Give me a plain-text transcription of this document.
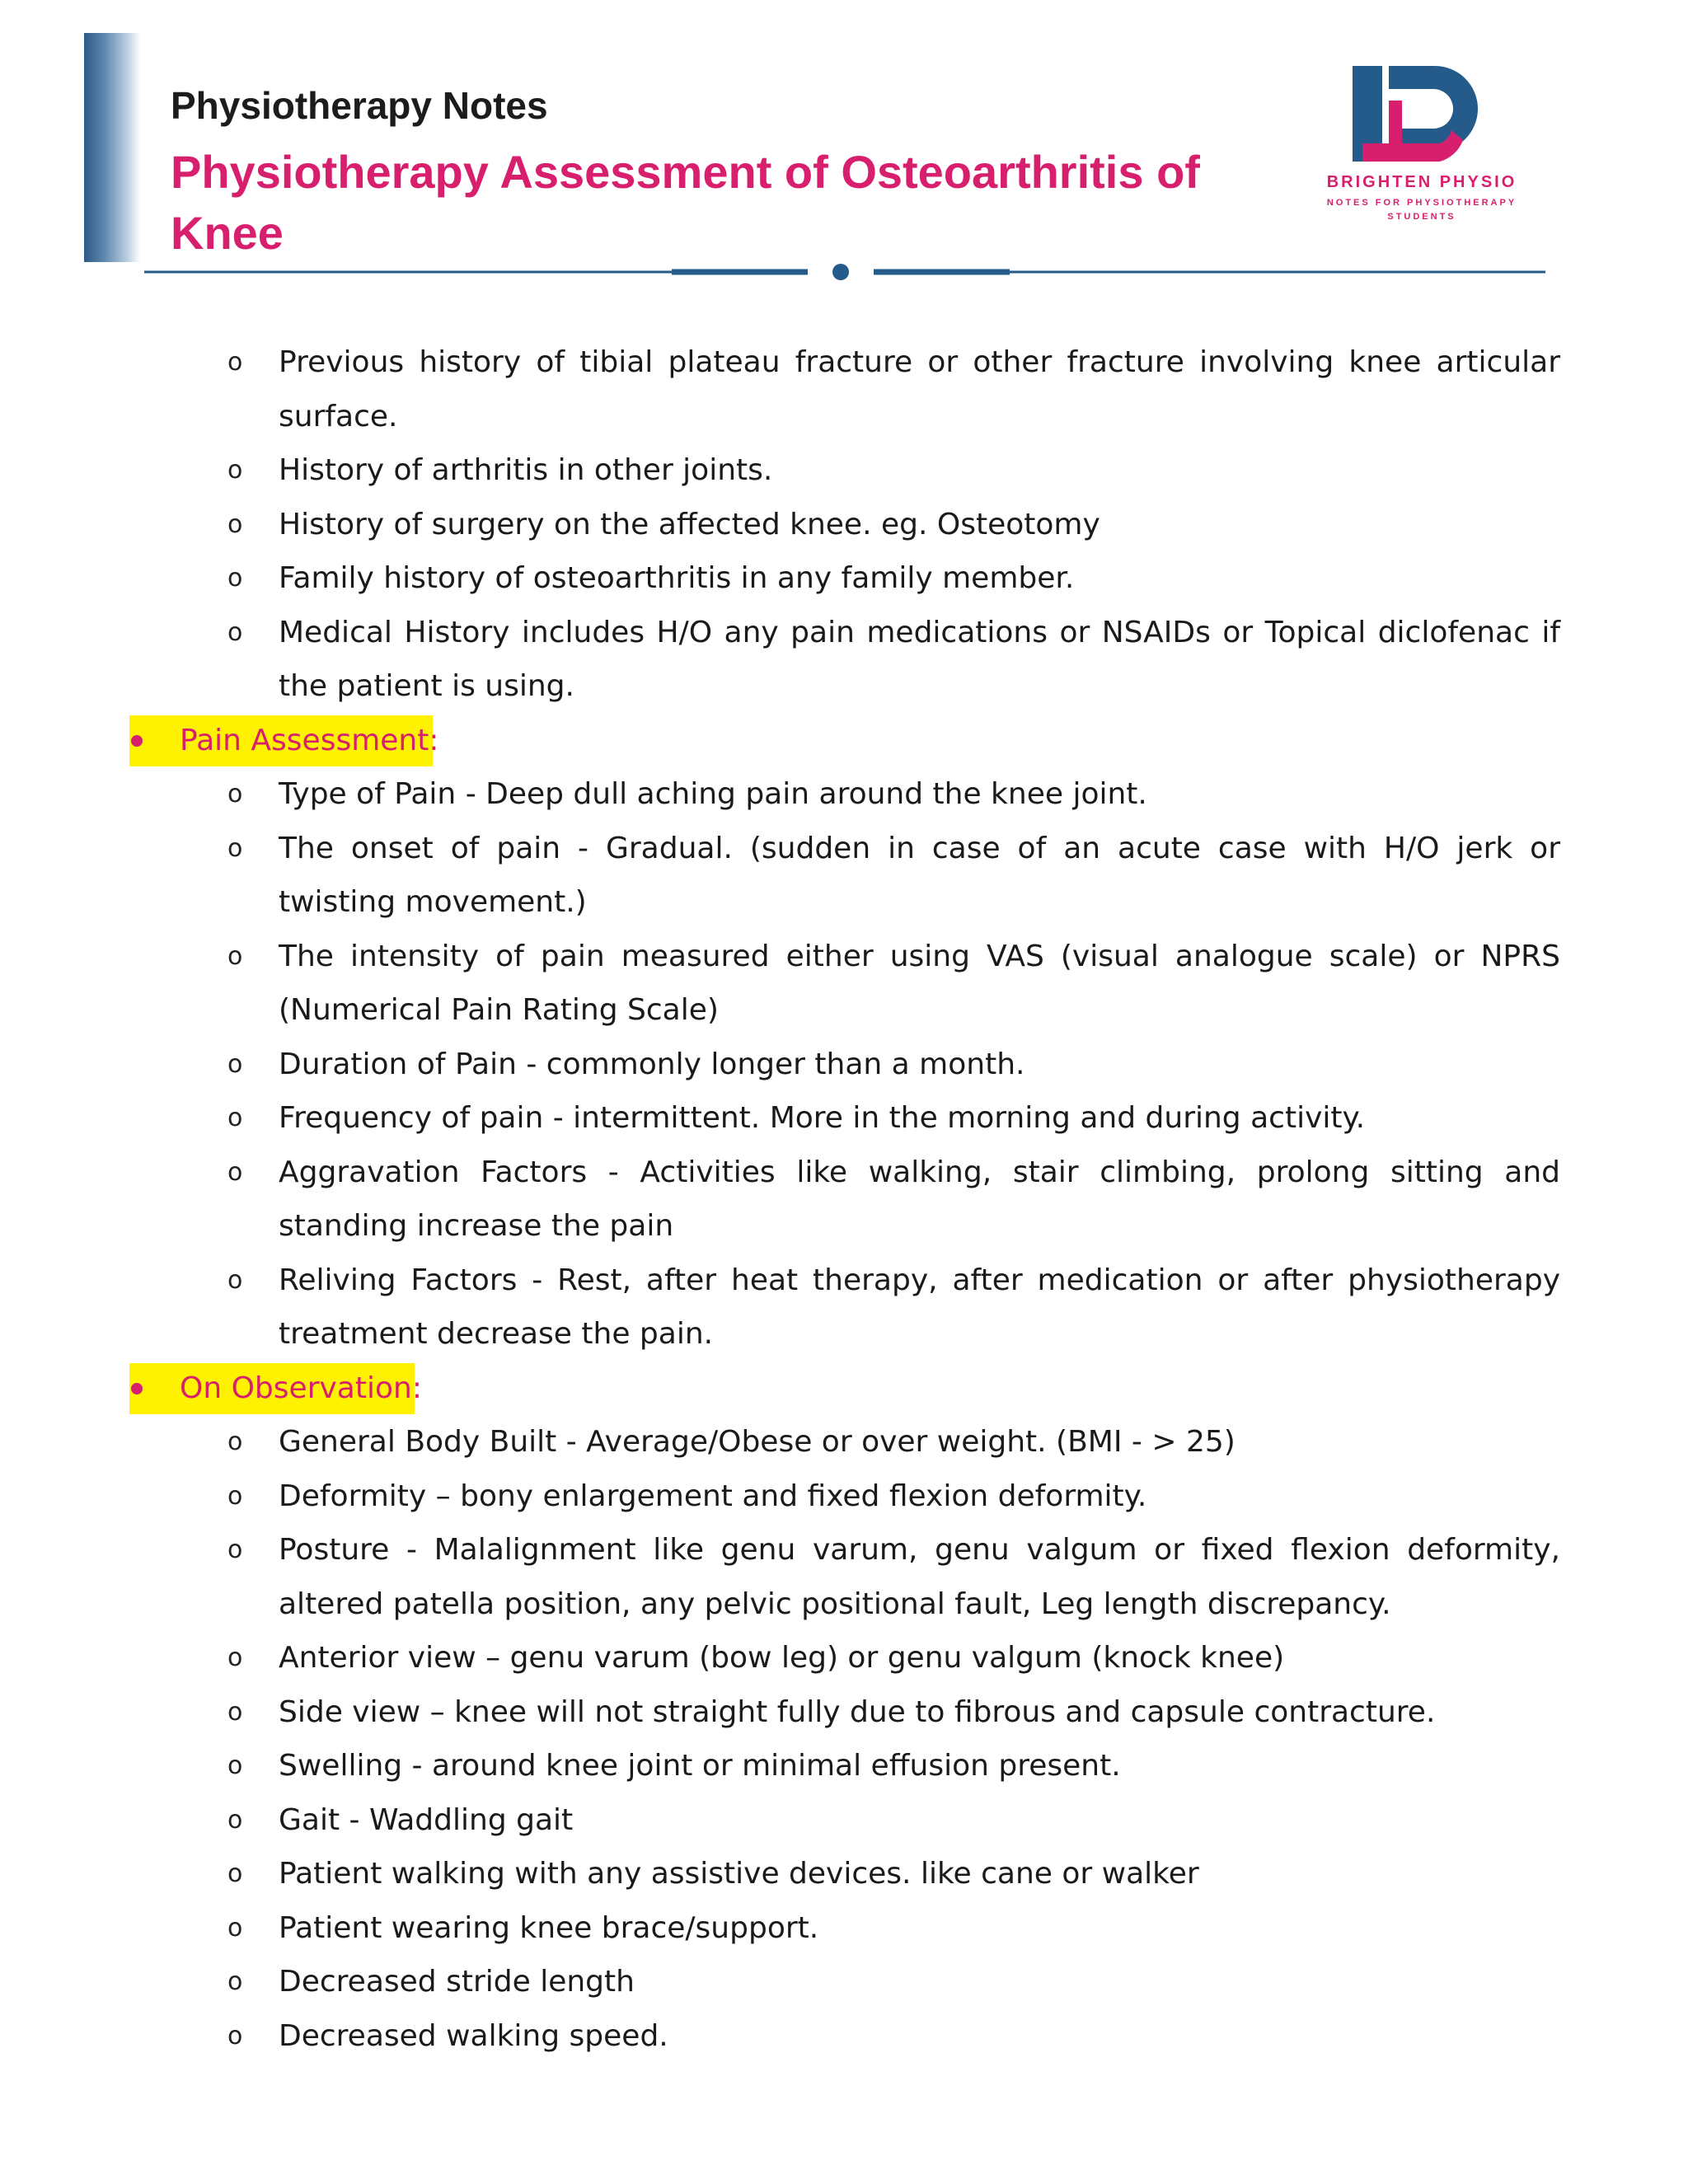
Physiotherapy Notes
Physiotherapy Assessment of Osteoarthritis of Knee
BRIGHTEN PHYSIO
NOTES FOR PHYSIOTHERAPY
STUDENTS
o Previous history of tibial plateau fracture or other fracture involving knee articular surface.
o History of arthritis in other joints.
o History of surgery on the affected knee. eg. Osteotomy
o Family history of osteoarthritis in any family member.
o Medical History includes H/O any pain medications or NSAIDs or Topical diclofenac if the patient is using.
Pain Assessment:
o Type of Pain - Deep dull aching pain around the knee joint.
o The onset of pain - Gradual. (sudden in case of an acute case with H/O jerk or twisting movement.)
o The intensity of pain measured either using VAS (visual analogue scale) or NPRS (Numerical Pain Rating Scale)
o Duration of Pain - commonly longer than a month.
o Frequency of pain - intermittent. More in the morning and during activity.
o Aggravation Factors - Activities like walking, stair climbing, prolong sitting and standing increase the pain
o Reliving Factors - Rest, after heat therapy, after medication or after physiotherapy treatment decrease the pain.
On Observation:
o General Body Built - Average/Obese or over weight. (BMI - > 25)
o Deformity – bony enlargement and fixed flexion deformity.
o Posture - Malalignment like genu varum, genu valgum or fixed flexion deformity, altered patella position, any pelvic positional fault, Leg length discrepancy.
o Anterior view – genu varum (bow leg) or genu valgum (knock knee)
o Side view – knee will not straight fully due to fibrous and capsule contracture.
o Swelling - around knee joint or minimal effusion present.
o Gait - Waddling gait
o Patient walking with any assistive devices. like cane or walker
o Patient wearing knee brace/support.
o Decreased stride length
o Decreased walking speed.
